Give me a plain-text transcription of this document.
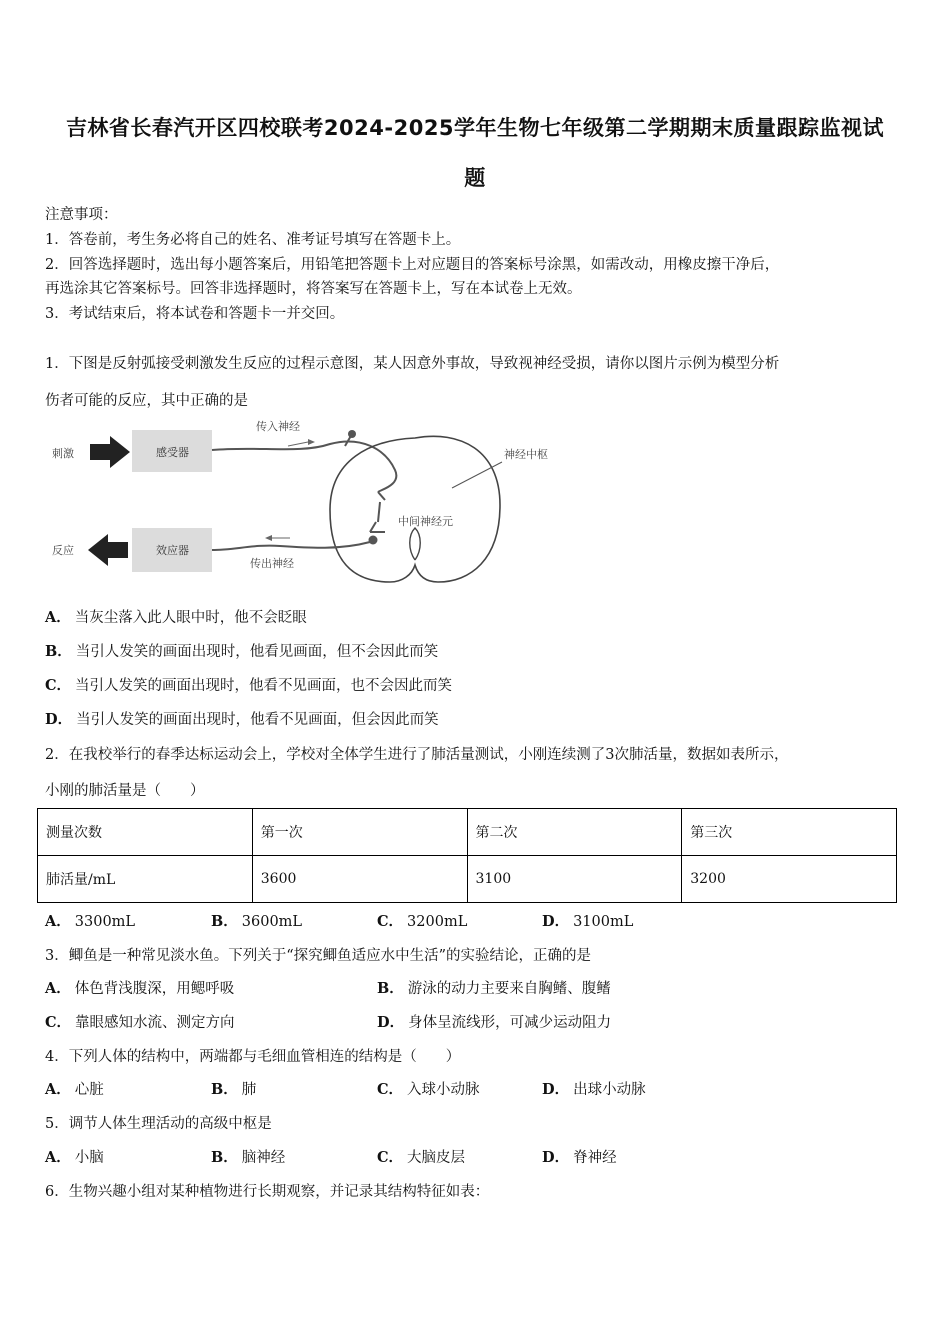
吉林省长春汽开区四校联考2024-2025学年生物七年级第二学期期末质量跟踪监视试
题
注意事项：
1．答卷前，考生务必将自己的姓名、准考证号填写在答题卡上。
2．回答选择题时，选出每小题答案后，用铅笔把答题卡上对应题目的答案标号涂黑，如需改动，用橡皮擦干净后，
再选涂其它答案标号。回答非选择题时，将答案写在答题卡上，写在本试卷上无效。
3．考试结束后，将本试卷和答题卡一并交回。
1．下图是反射弧接受刺激发生反应的过程示意图，某人因意外事故，导致视神经受损，请你以图片示例为模型分析
伤者可能的反应，其中正确的是
刺激	感受器
传入神经
神经中枢
中间神经元
传出神经
效应器
反应
A． 当灰尘落入此人眼中时，他不会眨眼
B． 当引人发笑的画面出现时，他看见画面，但不会因此而笑
C． 当引人发笑的画面出现时，他看不见画面，也不会因此而笑
D． 当引人发笑的画面出现时，他看不见画面，但会因此而笑
2．在我校举行的春季达标运动会上，学校对全体学生进行了肺活量测试，小刚连续测了3次肺活量，数据如表所示，
小刚的肺活量是（　　）
测量次数	第一次	第二次	第三次
肺活量/mL	3600	3100	3200
A． 3300mL	B． 3600mL	C． 3200mL	D． 3100mL
3．鲫鱼是一种常见淡水鱼。下列关于“探究鲫鱼适应水中生活”的实验结论，正确的是
A． 体色背浅腹深，用鳃呼吸	B． 游泳的动力主要来自胸鳍、腹鳍
C． 靠眼感知水流、测定方向	D． 身体呈流线形，可减少运动阻力
4．下列人体的结构中，两端都与毛细血管相连的结构是（　　）
A． 心脏	B． 肺	C． 入球小动脉	D． 出球小动脉
5．调节人体生理活动的高级中枢是
A． 小脑	B． 脑神经	C． 大脑皮层	D． 脊神经
6．生物兴趣小组对某种植物进行长期观察，并记录其结构特征如表：
